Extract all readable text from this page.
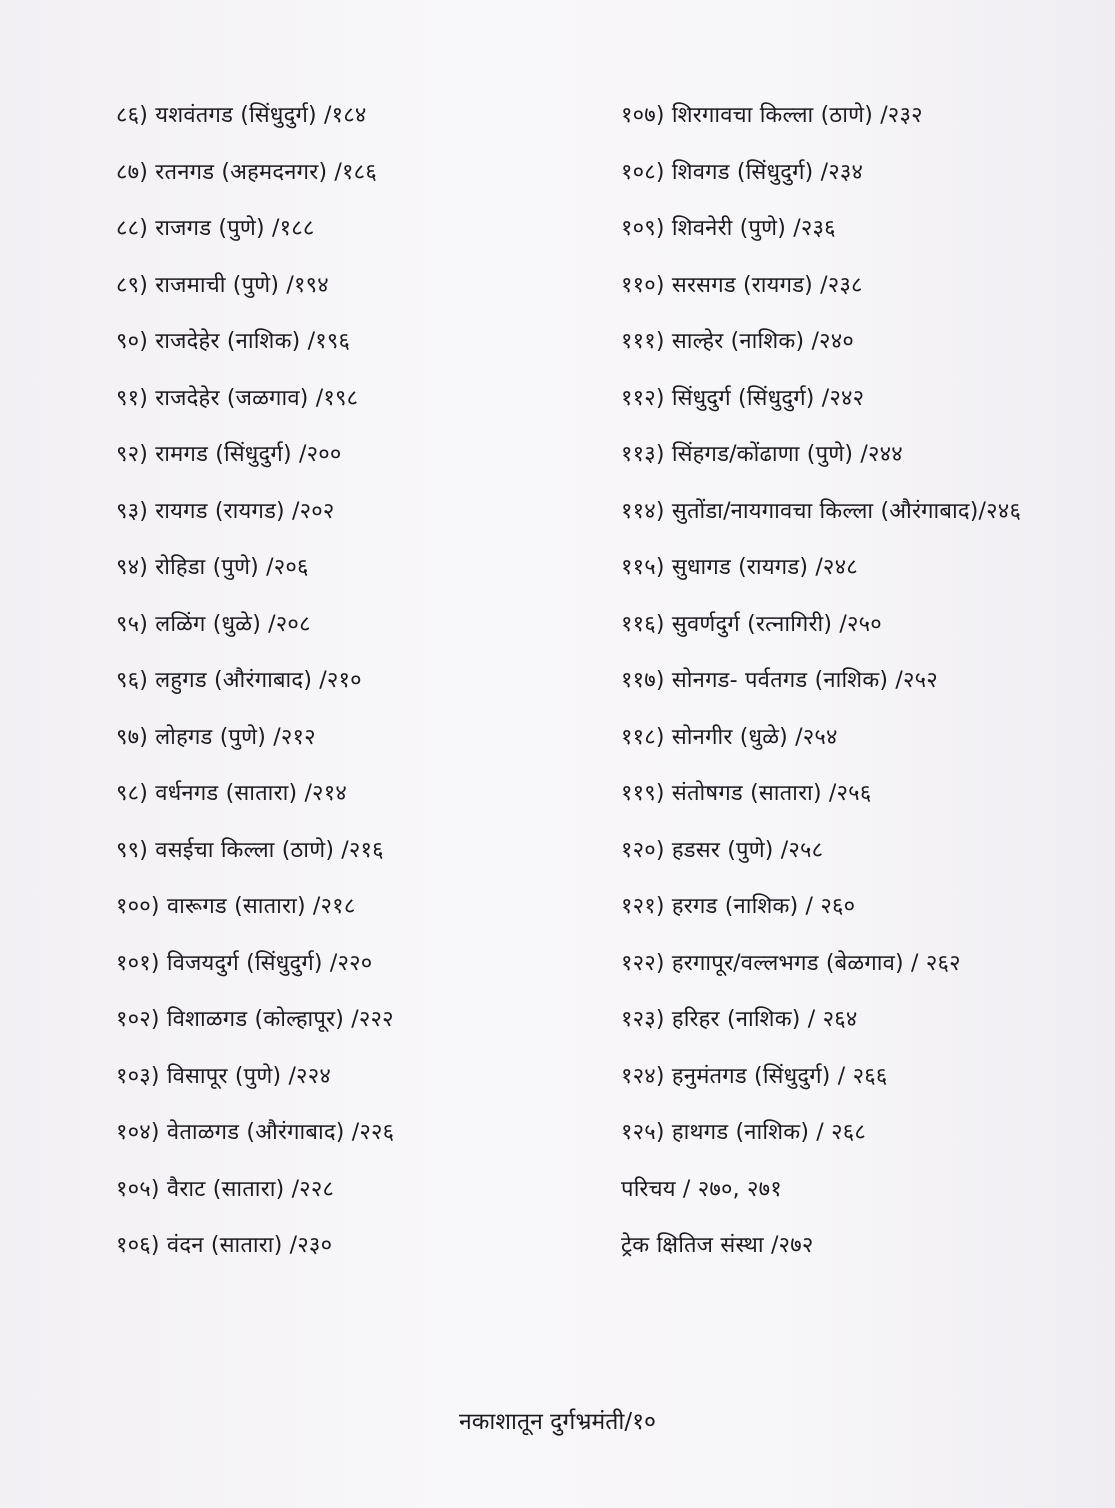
८६) यशवंतगड (सिंधुदुर्ग) /१८४
८७) रतनगड (अहमदनगर) /१८६
८८) राजगड (पुणे) /१८८
८९) राजमाची (पुणे) /१९४
९०) राजदेहेर (नाशिक) /१९६
९१) राजदेहेर (जळगाव) /१९८
९२) रामगड (सिंधुदुर्ग) /२००
९३) रायगड (रायगड) /२०२
९४) रोहिडा (पुणे) /२०६
९५) लळिंग (धुळे) /२०८
९६) लहुगड (औरंगाबाद) /२१०
९७) लोहगड (पुणे) /२१२
९८) वर्धनगड (सातारा) /२१४
९९) वसईचा किल्ला (ठाणे) /२१६
१००) वारूगड (सातारा) /२१८
१०१) विजयदुर्ग (सिंधुदुर्ग) /२२०
१०२) विशाळगड (कोल्हापूर) /२२२
१०३) विसापूर (पुणे) /२२४
१०४) वेताळगड (औरंगाबाद) /२२६
१०५) वैराट (सातारा) /२२८
१०६) वंदन (सातारा) /२३०
१०७) शिरगावचा किल्ला (ठाणे) /२३२
१०८) शिवगड (सिंधुदुर्ग) /२३४
१०९) शिवनेरी (पुणे) /२३६
११०) सरसगड (रायगड) /२३८
१११) साल्हेर (नाशिक) /२४०
११२) सिंधुदुर्ग (सिंधुदुर्ग) /२४२
११३) सिंहगड/कोंढाणा (पुणे) /२४४
११४) सुतोंडा/नायगावचा किल्ला (औरंगाबाद)/२४६
११५) सुधागड (रायगड) /२४८
११६) सुवर्णदुर्ग (रत्नागिरी) /२५०
११७) सोनगड- पर्वतगड (नाशिक) /२५२
११८) सोनगीर (धुळे) /२५४
११९) संतोषगड (सातारा) /२५६
१२०) हडसर (पुणे) /२५८
१२१) हरगड (नाशिक) / २६०
१२२) हरगापूर/वल्लभगड (बेळगाव) / २६२
१२३) हरिहर (नाशिक) / २६४
१२४) हनुमंतगड (सिंधुदुर्ग) / २६६
१२५) हाथगड (नाशिक) / २६८
परिचय / २७०, २७१
ट्रेक क्षितिज संस्था /२७२
नकाशातून दुर्गभ्रमंती/१०
